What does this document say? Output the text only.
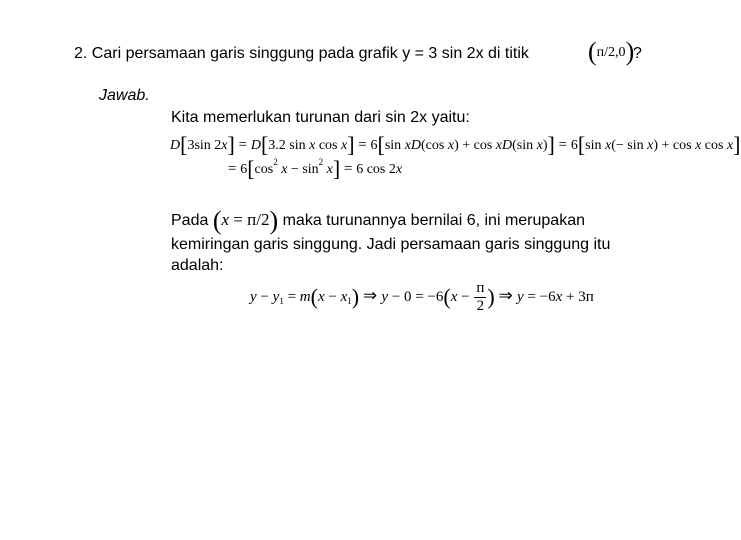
2. Cari persamaan garis singgung pada grafik y = 3 sin 2x di titik (п/2,0)
?
Jawab.
Kita memerlukan turunan dari sin 2x yaitu:
D[3sin 2x] = D[3.2 sin x cos x] = 6[sin xD(cos x) + cos xD(sin x)] = 6[sin x(− sin x) + cos x cos x]
= $6[\cos^2$ $x - \sin^2 x] = 6$ cos 2x
Pada (x = п/2) maka turunannya bernilai 6, ini merupakan
kemiringan garis singgung. Jadi persamaan garis singgung itu
adalah:
$y - y_1 = m(x - x_1)$ ⇒ $y - 0 = -6(x - \frac{п}{2}$ ) ⇒ y = −6x + 3п
